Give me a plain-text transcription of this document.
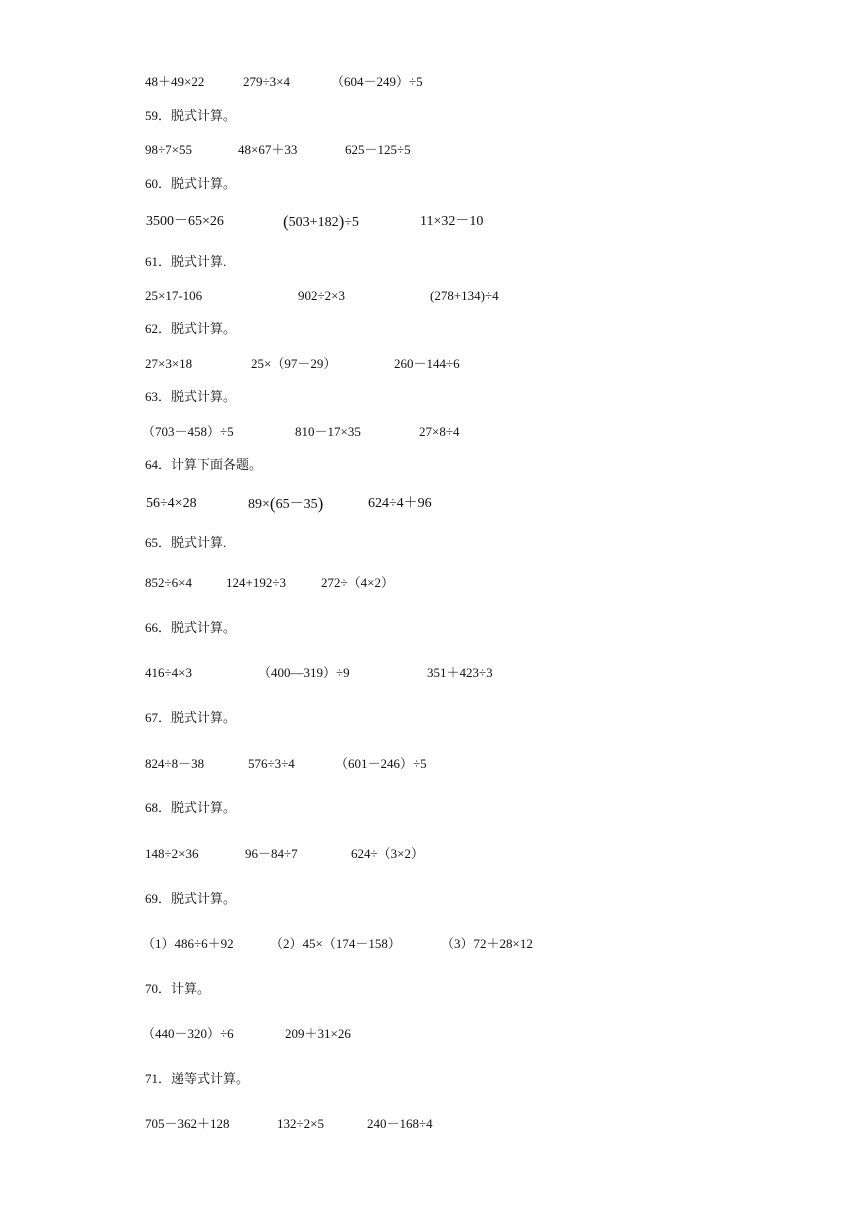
48＋49×22	279÷3×4	（604－249）÷5
59．脱式计算。
98÷7×55	48×67＋33	625－125÷5
60．脱式计算。
3500－65×26	(503+182)÷5	11×32－10
61．脱式计算.
25×17-106	902÷2×3	(278+134)÷4
62．脱式计算。
27×3×18	25×（97－29）	260－144÷6
63．脱式计算。
（703－458）÷5	810－17×35	27×8÷4
64．计算下面各题。
56÷4×28	89×(65－35)	624÷4＋96
65．脱式计算.
852÷6×4	124+192÷3	272÷（4×2）
66．脱式计算。
416÷4×3	（400—319）÷9	351＋423÷3
67．脱式计算。
824÷8－38	576÷3÷4	（601－246）÷5
68．脱式计算。
148÷2×36	96－84÷7	624÷（3×2）
69．脱式计算。
（1）486÷6＋92	（2）45×（174－158）	（3）72＋28×12
70．计算。
（440－320）÷6	209＋31×26
71．递等式计算。
705－362＋128	132÷2×5	240－168÷4
